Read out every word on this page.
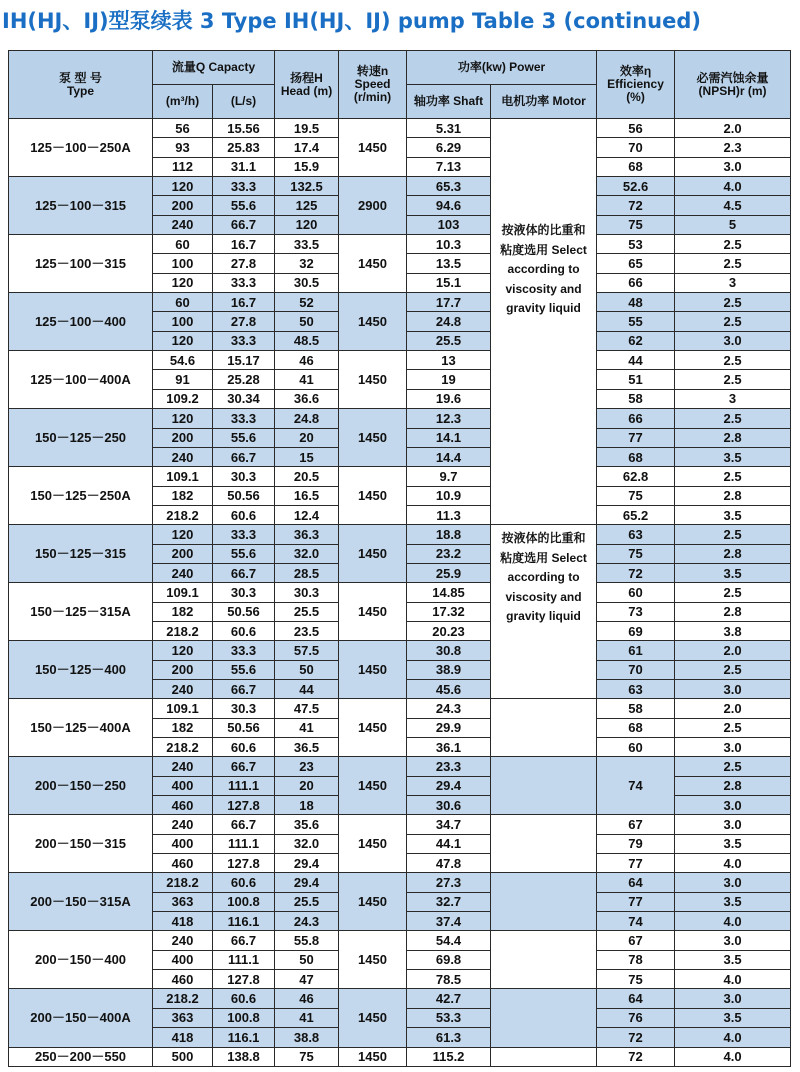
IH(HJ、IJ)型泵续表 3 Type IH(HJ、IJ) pump Table 3 (continued)
泵 型 号
Type	流量Q Capacty		扬程H Head (m)	转速n Speed (r/min)	功率(kw) Power		效率η Efficiency (%)	必需汽蚀余量 (NPSH)r (m)
	(m³/h)	(L/s)			轴功率 Shaft	电机功率 Motor		
125－100－250A	56	15.56	19.5	1450	5.31	按液体的比重和粘度选用 Select according to viscosity and gravity liquid	56	2.0
	93	25.83	17.4		6.29		70	2.3
	112	31.1	15.9		7.13		68	3.0
125－100－315	120	33.3	132.5	2900	65.3		52.6	4.0
	200	55.6	125		94.6		72	4.5
	240	66.7	120		103		75	5
125－100－315	60	16.7	33.5	1450	10.3		53	2.5
	100	27.8	32		13.5		65	2.5
	120	33.3	30.5		15.1		66	3
125－100－400	60	16.7	52	1450	17.7		48	2.5
	100	27.8	50		24.8		55	2.5
	120	33.3	48.5		25.5		62	3.0
125－100－400A	54.6	15.17	46	1450	13		44	2.5
	91	25.28	41		19		51	2.5
	109.2	30.34	36.6		19.6		58	3
150－125－250	120	33.3	24.8	1450	12.3		66	2.5
	200	55.6	20		14.1		77	2.8
	240	66.7	15		14.4		68	3.5
150－125－250A	109.1	30.3	20.5	1450	9.7		62.8	2.5
	182	50.56	16.5		10.9		75	2.8
	218.2	60.6	12.4		11.3		65.2	3.5
150－125－315	120	33.3	36.3	1450	18.8	按液体的比重和粘度选用 Select according to viscosity and gravity liquid	63	2.5
	200	55.6	32.0		23.2		75	2.8
	240	66.7	28.5		25.9		72	3.5
150－125－315A	109.1	30.3	30.3	1450	14.85		60	2.5
	182	50.56	25.5		17.32		73	2.8
	218.2	60.6	23.5		20.23		69	3.8
150－125－400	120	33.3	57.5	1450	30.8		61	2.0
	200	55.6	50		38.9		70	2.5
	240	66.7	44		45.6		63	3.0
150－125－400A	109.1	30.3	47.5	1450	24.3		58	2.0
	182	50.56	41		29.9		68	2.5
	218.2	60.6	36.5		36.1		60	3.0
200－150－250	240	66.7	23	1450	23.3		74	2.5
	400	111.1	20		29.4			2.8
	460	127.8	18		30.6			3.0
200－150－315	240	66.7	35.6	1450	34.7		67	3.0
	400	111.1	32.0		44.1		79	3.5
	460	127.8	29.4		47.8		77	4.0
200－150－315A	218.2	60.6	29.4	1450	27.3		64	3.0
	363	100.8	25.5		32.7		77	3.5
	418	116.1	24.3		37.4		74	4.0
200－150－400	240	66.7	55.8	1450	54.4		67	3.0
	400	111.1	50		69.8		78	3.5
	460	127.8	47		78.5		75	4.0
200－150－400A	218.2	60.6	46	1450	42.7		64	3.0
	363	100.8	41		53.3		76	3.5
	418	116.1	38.8		61.3		72	4.0
250－200－550	500	138.8	75	1450	115.2		72	4.0
